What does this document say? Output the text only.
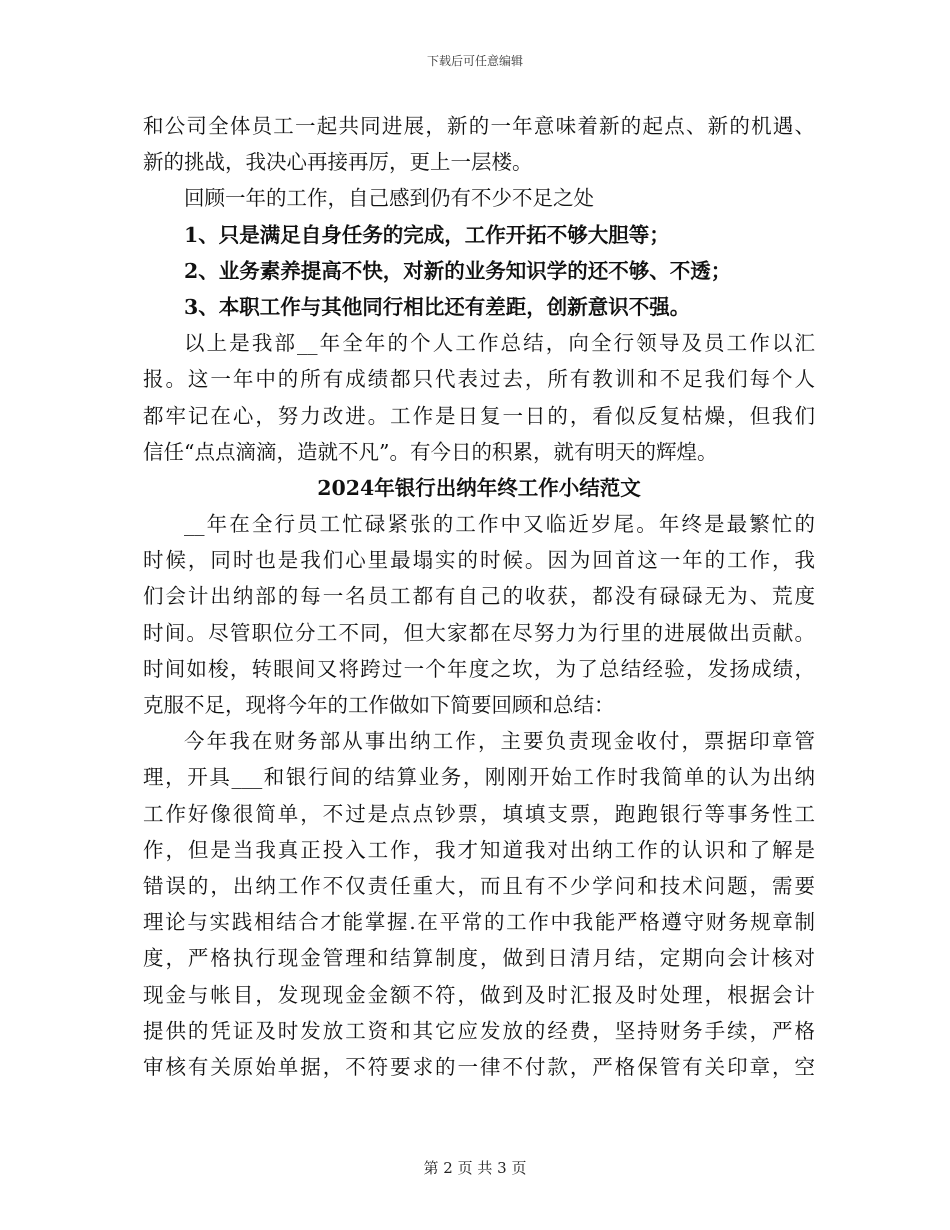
下载后可任意编辑
和公司全体员工一起共同进展，新的一年意味着新的起点、新的机遇、
新的挑战，我决心再接再厉，更上一层楼。
回顾一年的工作，自己感到仍有不少不足之处
1、只是满足自身任务的完成，工作开拓不够大胆等；
2、业务素养提高不快，对新的业务知识学的还不够、不透；
3、本职工作与其他同行相比还有差距，创新意识不强。
以上是我部__年全年的个人工作总结，向全行领导及员工作以汇
报。这一年中的所有成绩都只代表过去，所有教训和不足我们每个人
都牢记在心，努力改进。工作是日复一日的，看似反复枯燥，但我们
信任“点点滴滴，造就不凡”。有今日的积累，就有明天的辉煌。
2024年银行出纳年终工作小结范文
__年在全行员工忙碌紧张的工作中又临近岁尾。年终是最繁忙的
时候，同时也是我们心里最塌实的时候。因为回首这一年的工作，我
们会计出纳部的每一名员工都有自己的收获，都没有碌碌无为、荒度
时间。尽管职位分工不同，但大家都在尽努力为行里的进展做出贡献。
时间如梭，转眼间又将跨过一个年度之坎，为了总结经验，发扬成绩，
克服不足，现将今年的工作做如下简要回顾和总结：
今年我在财务部从事出纳工作，主要负责现金收付，票据印章管
理，开具___和银行间的结算业务，刚刚开始工作时我简单的认为出纳
工作好像很简单，不过是点点钞票，填填支票，跑跑银行等事务性工
作，但是当我真正投入工作，我才知道我对出纳工作的认识和了解是
错误的，出纳工作不仅责任重大，而且有不少学问和技术问题，需要
理论与实践相结合才能掌握.在平常的工作中我能严格遵守财务规章制
度，严格执行现金管理和结算制度，做到日清月结，定期向会计核对
现金与帐目，发现现金金额不符，做到及时汇报及时处理，根据会计
提供的凭证及时发放工资和其它应发放的经费，坚持财务手续，严格
审核有关原始单据，不符要求的一律不付款，严格保管有关印章，空
第 2 页 共 3 页
